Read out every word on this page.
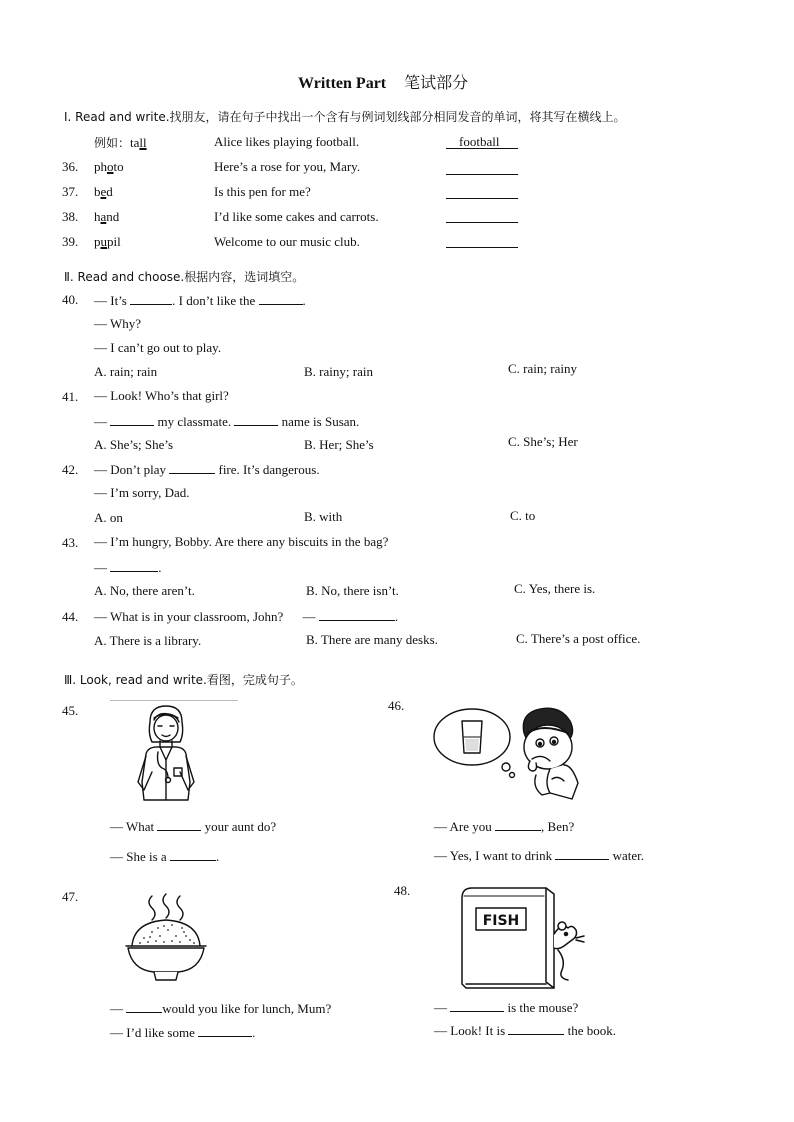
Written Part 笔试部分
Ⅰ. Read and write.找朋友，请在句子中找出一个含有与例词划线部分相同发音的单词，将其写在横线上。
例如：tall	Alice likes playing football.	football
36. photo	Here’s a rose for you, Mary.
37. bed	Is this pen for me?
38. hand	I’d like some cakes and carrots.
39. pupil	Welcome to our music club.
Ⅱ. Read and choose.根据内容，选词填空。
40. — It’s	. I don’t like the	.
— Why?
— I can’t go out to play.
A. rain; rain	B. rainy; rain	C. rain; rainy
41. — Look! Who’s that girl?
—	my classmate.	name is Susan.
A. She’s; She’s	B. Her; She’s	C. She’s; Her
42. — Don’t play	fire. It’s dangerous.
— I’m sorry, Dad.
A. on	B. with	C. to
43. — I’m hungry, Bobby. Are there any biscuits in the bag?
—	.
A. No, there aren’t.	B. No, there isn’t.	C. Yes, there is.
44. — What is in your classroom, John? —	.
A. There is a library.	B. There are many desks.	C. There’s a post office.
Ⅲ. Look, read and write.看图，完成句子。
45.
— What	your aunt do?
— She is a	.
46.
— Are you	, Ben?
— Yes, I want to drink	water.
47.
—	would you like for lunch, Mum?
— I’d like some	.
48.
FISH
—	is the mouse?
— Look! It is	the book.
